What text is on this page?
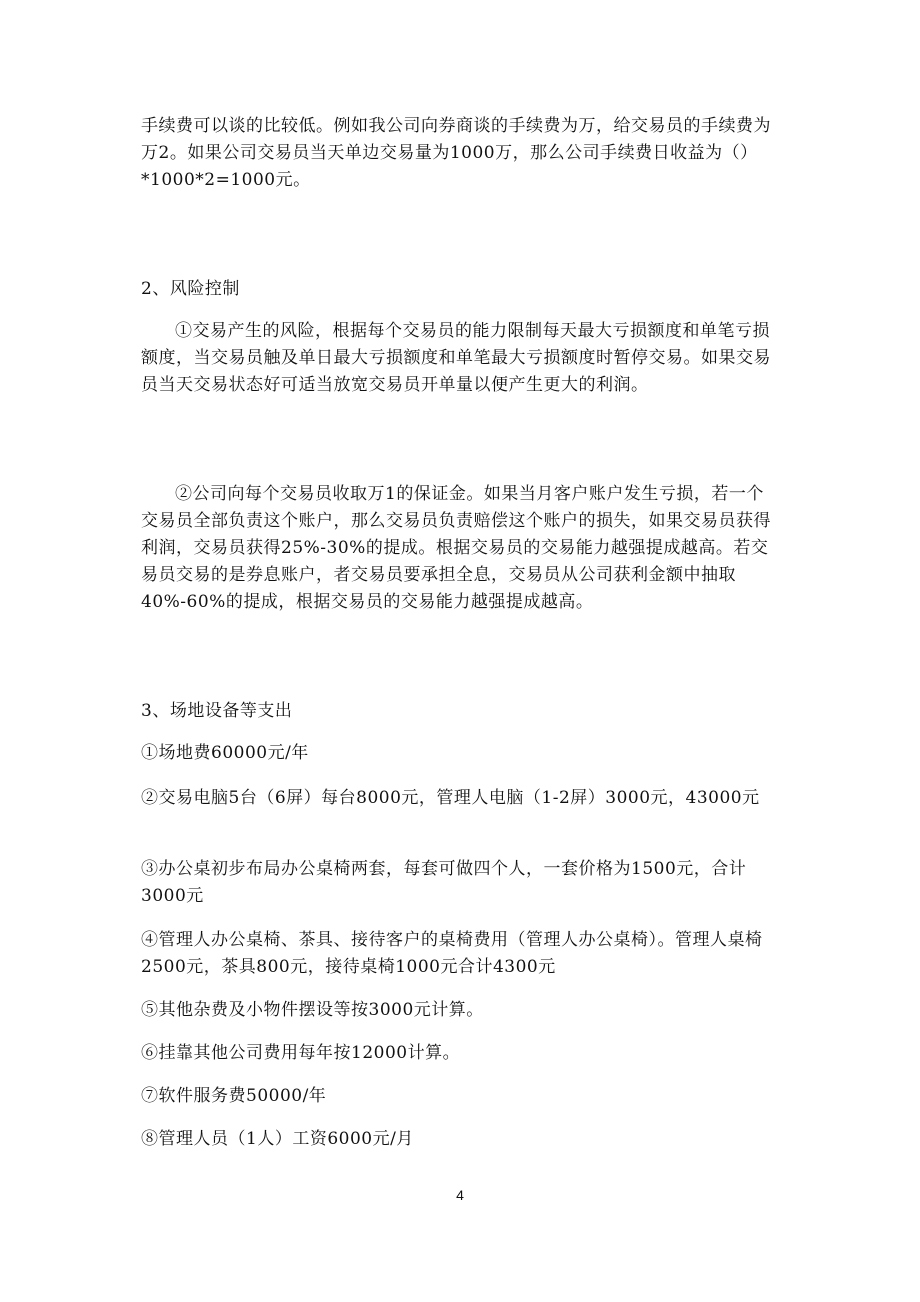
手续费可以谈的比较低。例如我公司向券商谈的手续费为万，给交易员的手续费为万2。如果公司交易员当天单边交易量为1000万，那么公司手续费日收益为（）*1000*2=1000元。

2、风险控制

①交易产生的风险，根据每个交易员的能力限制每天最大亏损额度和单笔亏损额度，当交易员触及单日最大亏损额度和单笔最大亏损额度时暂停交易。如果交易员当天交易状态好可适当放宽交易员开单量以便产生更大的利润。

②公司向每个交易员收取万1的保证金。如果当月客户账户发生亏损，若一个交易员全部负责这个账户，那么交易员负责赔偿这个账户的损失，如果交易员获得利润，交易员获得25%-30%的提成。根据交易员的交易能力越强提成越高。若交易员交易的是券息账户，者交易员要承担全息，交易员从公司获利金额中抽取40%-60%的提成，根据交易员的交易能力越强提成越高。

3、场地设备等支出

①场地费60000元/年

②交易电脑5台（6屏）每台8000元，管理人电脑（1-2屏）3000元，43000元

③办公桌初步布局办公桌椅两套，每套可做四个人，一套价格为1500元，合计3000元

④管理人办公桌椅、茶具、接待客户的桌椅费用（管理人办公桌椅）。管理人桌椅2500元，茶具800元，接待桌椅1000元合计4300元

⑤其他杂费及小物件摆设等按3000元计算。

⑥挂靠其他公司费用每年按12000计算。

⑦软件服务费50000/年

⑧管理人员（1人）工资6000元/月

4
